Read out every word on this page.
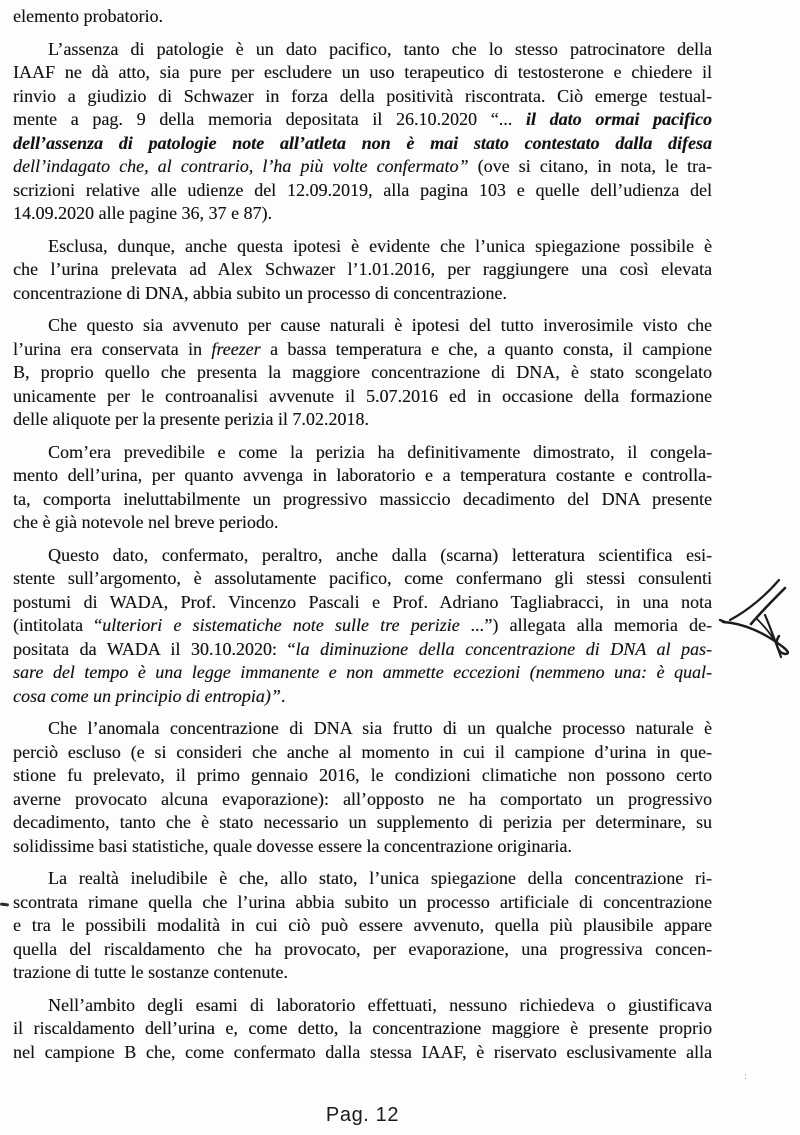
elemento probatorio.
L’assenza di patologie è un dato pacifico, tanto che lo stesso patrocinatore della
IAAF ne dà atto, sia pure per escludere un uso terapeutico di testosterone e chiedere il
rinvio a giudizio di Schwazer in forza della positività riscontrata. Ciò emerge testual-
mente a pag. 9 della memoria depositata il 26.10.2020 “... il dato ormai pacifico
dell’assenza di patologie note all’atleta non è mai stato contestato dalla difesa
dell’indagato che, al contrario, l’ha più volte confermato” (ove si citano, in nota, le tra-
scrizioni relative alle udienze del 12.09.2019, alla pagina 103 e quelle dell’udienza del
14.09.2020 alle pagine 36, 37 e 87).
Esclusa, dunque, anche questa ipotesi è evidente che l’unica spiegazione possibile è
che l’urina prelevata ad Alex Schwazer l’1.01.2016, per raggiungere una così elevata
concentrazione di DNA, abbia subito un processo di concentrazione.
Che questo sia avvenuto per cause naturali è ipotesi del tutto inverosimile visto che
l’urina era conservata in freezer a bassa temperatura e che, a quanto consta, il campione
B, proprio quello che presenta la maggiore concentrazione di DNA, è stato scongelato
unicamente per le controanalisi avvenute il 5.07.2016 ed in occasione della formazione
delle aliquote per la presente perizia il 7.02.2018.
Com’era prevedibile e come la perizia ha definitivamente dimostrato, il congela-
mento dell’urina, per quanto avvenga in laboratorio e a temperatura costante e controlla-
ta, comporta ineluttabilmente un progressivo massiccio decadimento del DNA presente
che è già notevole nel breve periodo.
Questo dato, confermato, peraltro, anche dalla (scarna) letteratura scientifica esi-
stente sull’argomento, è assolutamente pacifico, come confermano gli stessi consulenti
postumi di WADA, Prof. Vincenzo Pascali e Prof. Adriano Tagliabracci, in una nota
(intitolata “ulteriori e sistematiche note sulle tre perizie ...”) allegata alla memoria de-
positata da WADA il 30.10.2020: “la diminuzione della concentrazione di DNA al pas-
sare del tempo è una legge immanente e non ammette eccezioni (nemmeno una: è qual-
cosa come un principio di entropia)”.
Che l’anomala concentrazione di DNA sia frutto di un qualche processo naturale è
perciò escluso (e si consideri che anche al momento in cui il campione d’urina in que-
stione fu prelevato, il primo gennaio 2016, le condizioni climatiche non possono certo
averne provocato alcuna evaporazione): all’opposto ne ha comportato un progressivo
decadimento, tanto che è stato necessario un supplemento di perizia per determinare, su
solidissime basi statistiche, quale dovesse essere la concentrazione originaria.
La realtà ineludibile è che, allo stato, l’unica spiegazione della concentrazione ri-
scontrata rimane quella che l’urina abbia subito un processo artificiale di concentrazione
e tra le possibili modalità in cui ciò può essere avvenuto, quella più plausibile appare
quella del riscaldamento che ha provocato, per evaporazione, una progressiva concen-
trazione di tutte le sostanze contenute.
Nell’ambito degli esami di laboratorio effettuati, nessuno richiedeva o giustificava
il riscaldamento dell’urina e, come detto, la concentrazione maggiore è presente proprio
nel campione B che, come confermato dalla stessa IAAF, è riservato esclusivamente alla
:
Pag. 12
